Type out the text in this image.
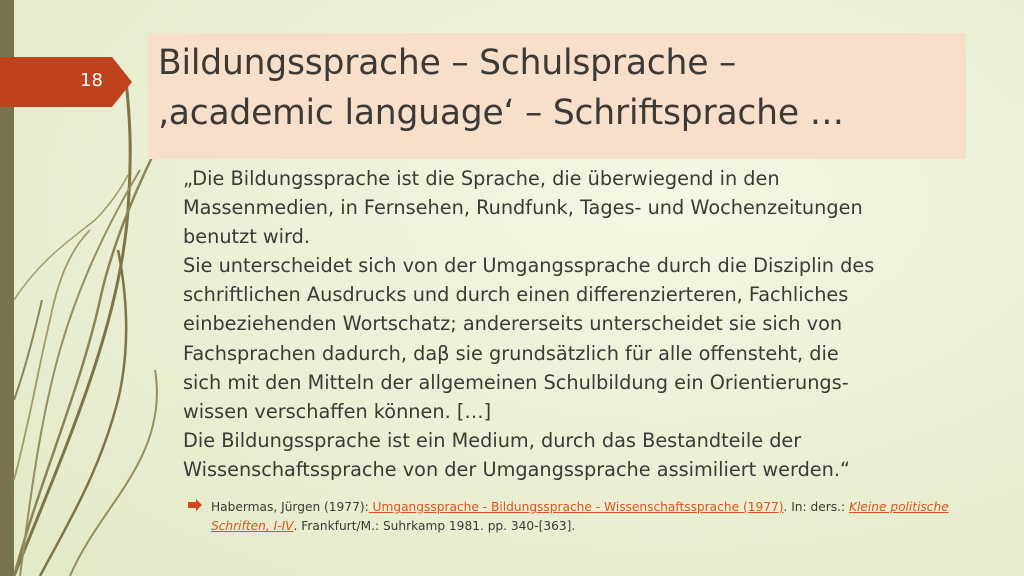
Bildungssprache – Schulsprache –
‚academic language‘ – Schriftsprache …
18

„Die Bildungssprache ist die Sprache, die überwiegend in den

Massenmedien, in Fernsehen, Rundfunk, Tages- und Wochenzeitungen

benutzt wird.

Sie unterscheidet sich von der Umgangssprache durch die Disziplin des

schriftlichen Ausdrucks und durch einen differenzierteren, Fachliches

einbeziehenden Wortschatz; andererseits unterscheidet sie sich von

Fachsprachen dadurch, daβ sie grundsätzlich für alle offensteht, die

sich mit den Mitteln der allgemeinen Schulbildung ein Orientierungs-

wissen verschaffen können. […]

Die Bildungssprache ist ein Medium, durch das Bestandteile der

Wissenschaftssprache von der Umgangssprache assimiliert werden.“

Habermas, Jürgen (1977): Umgangssprache - Bildungssprache - Wissenschaftssprache (1977). In: ders.: Kleine politische
Schriften, I-IV. Frankfurt/M.: Suhrkamp 1981. pp. 340-[363].
